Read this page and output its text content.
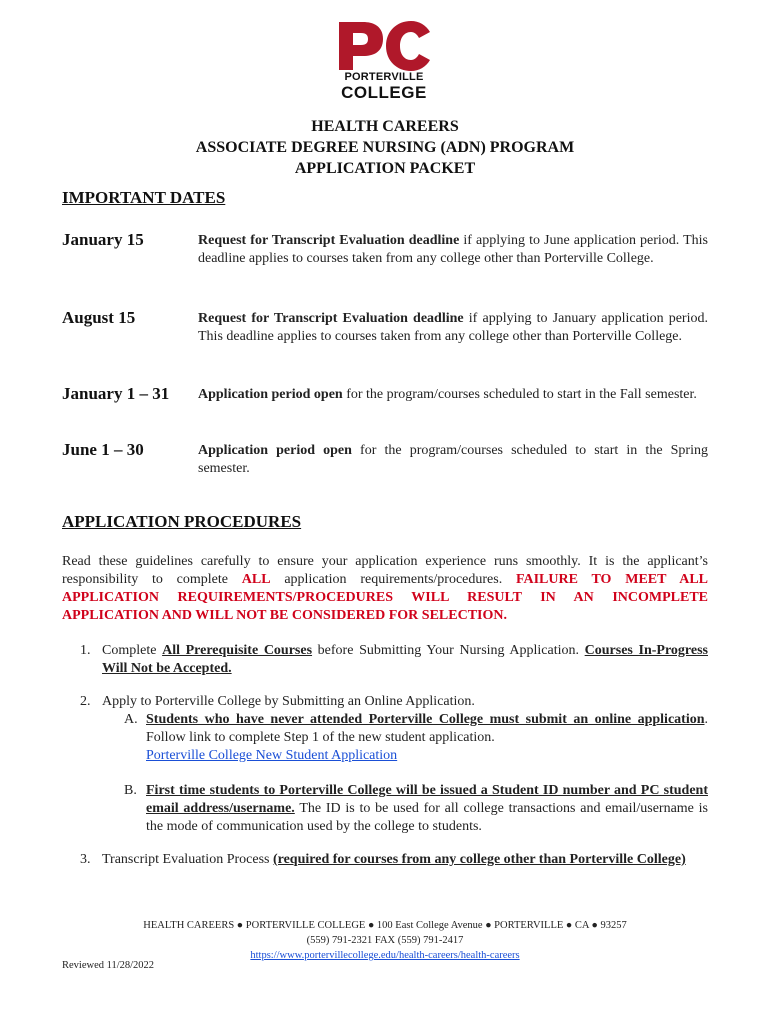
PORTERVILLE
COLLEGE
HEALTH CAREERS
ASSOCIATE DEGREE NURSING (ADN) PROGRAM
APPLICATION PACKET
IMPORTANT DATES
January 15	Request for Transcript Evaluation deadline if applying to June application period. This deadline applies to courses taken from any college other than Porterville College.
August 15	Request for Transcript Evaluation deadline if applying to January application period. This deadline applies to courses taken from any college other than Porterville College.
January 1 – 31 Application period open for the program/courses scheduled to start in the Fall semester.
June 1 – 30	Application period open for the program/courses scheduled to start in the Spring semester.
APPLICATION PROCEDURES
Read these guidelines carefully to ensure your application experience runs smoothly. It is the applicant’s responsibility to complete ALL application requirements/procedures. FAILURE TO MEET ALL APPLICATION REQUIREMENTS/PROCEDURES WILL RESULT IN AN INCOMPLETE APPLICATION AND WILL NOT BE CONSIDERED FOR SELECTION.
1. Complete All Prerequisite Courses before Submitting Your Nursing Application. Courses In-Progress Will Not be Accepted.
2. Apply to Porterville College by Submitting an Online Application.
A. Students who have never attended Porterville College must submit an online application. Follow link to complete Step 1 of the new student application.
Porterville College New Student Application
B. First time students to Porterville College will be issued a Student ID number and PC student email address/username. The ID is to be used for all college transactions and email/username is the mode of communication used by the college to students.
3. Transcript Evaluation Process (required for courses from any college other than Porterville College)
HEALTH CAREERS ● PORTERVILLE COLLEGE ● 100 East College Avenue ● PORTERVILLE ● CA ● 93257
(559) 791-2321 FAX (559) 791-2417
https://www.portervillecollege.edu/health-careers/health-careers
Reviewed 11/28/2022
